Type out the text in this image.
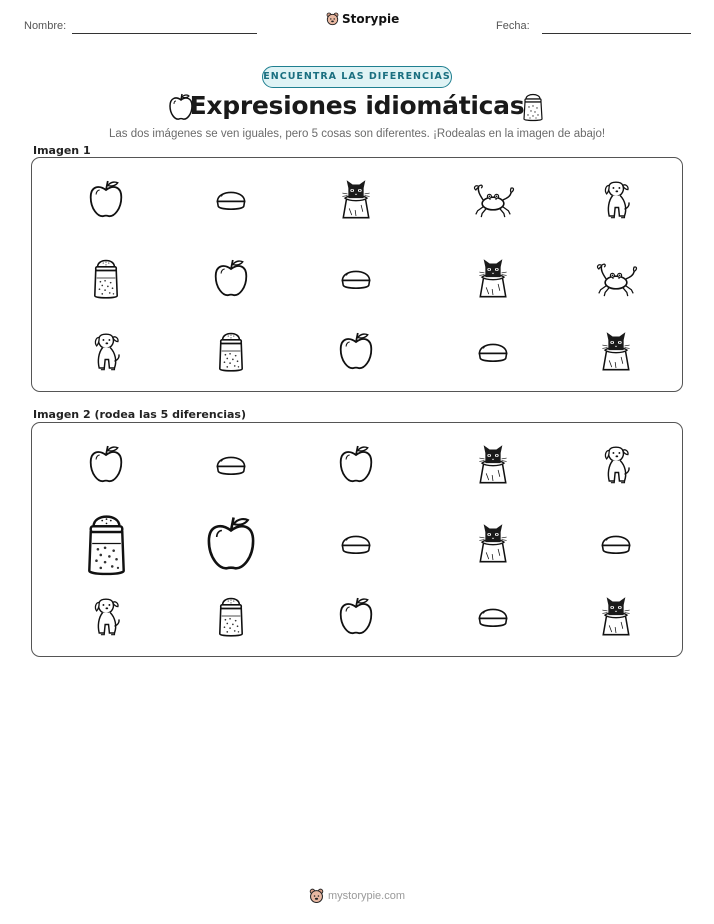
Nombre:	Storypie	Fecha:
ENCUENTRA LAS DIFERENCIAS
Expresiones idiomáticas
Las dos imágenes se ven iguales, pero 5 cosas son diferentes. ¡Rodealas en la imagen de abajo!
Imagen 1
Imagen 2 (rodea las 5 diferencias)
mystorypie.com
